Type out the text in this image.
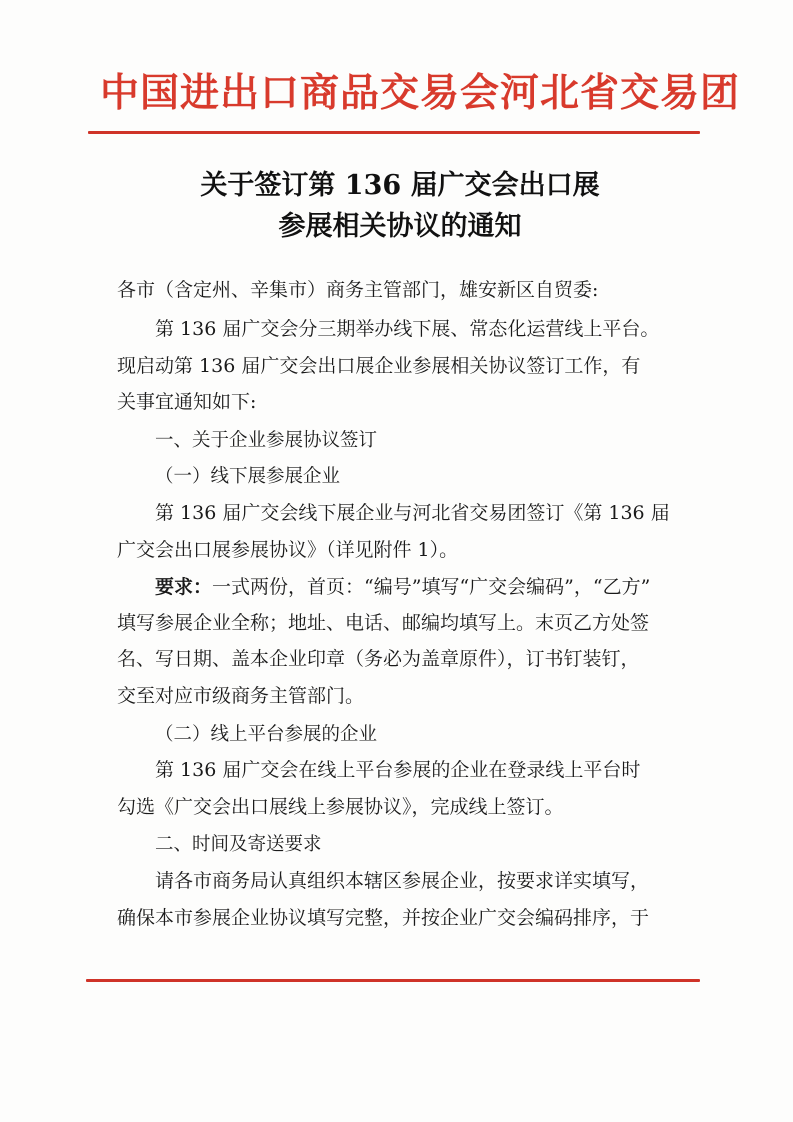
中国进出口商品交易会河北省交易团
关于签订第 136 届广交会出口展
参展相关协议的通知
各市（含定州、辛集市）商务主管部门，雄安新区自贸委:
第 136 届广交会分三期举办线下展、常态化运营线上平台。
现启动第 136 届广交会出口展企业参展相关协议签订工作，有
关事宜通知如下:
一、关于企业参展协议签订
（一）线下展参展企业
第 136 届广交会线下展企业与河北省交易团签订《第 136 届
广交会出口展参展协议》（详见附件 1）。
要求：一式两份，首页：“编号”填写“广交会编码”，“乙方”
填写参展企业全称；地址、电话、邮编均填写上。末页乙方处签
名、写日期、盖本企业印章（务必为盖章原件），订书钉装钉，
交至对应市级商务主管部门。
（二）线上平台参展的企业
第 136 届广交会在线上平台参展的企业在登录线上平台时
勾选《广交会出口展线上参展协议》，完成线上签订。
二、时间及寄送要求
请各市商务局认真组织本辖区参展企业，按要求详实填写，
确保本市参展企业协议填写完整，并按企业广交会编码排序，于
